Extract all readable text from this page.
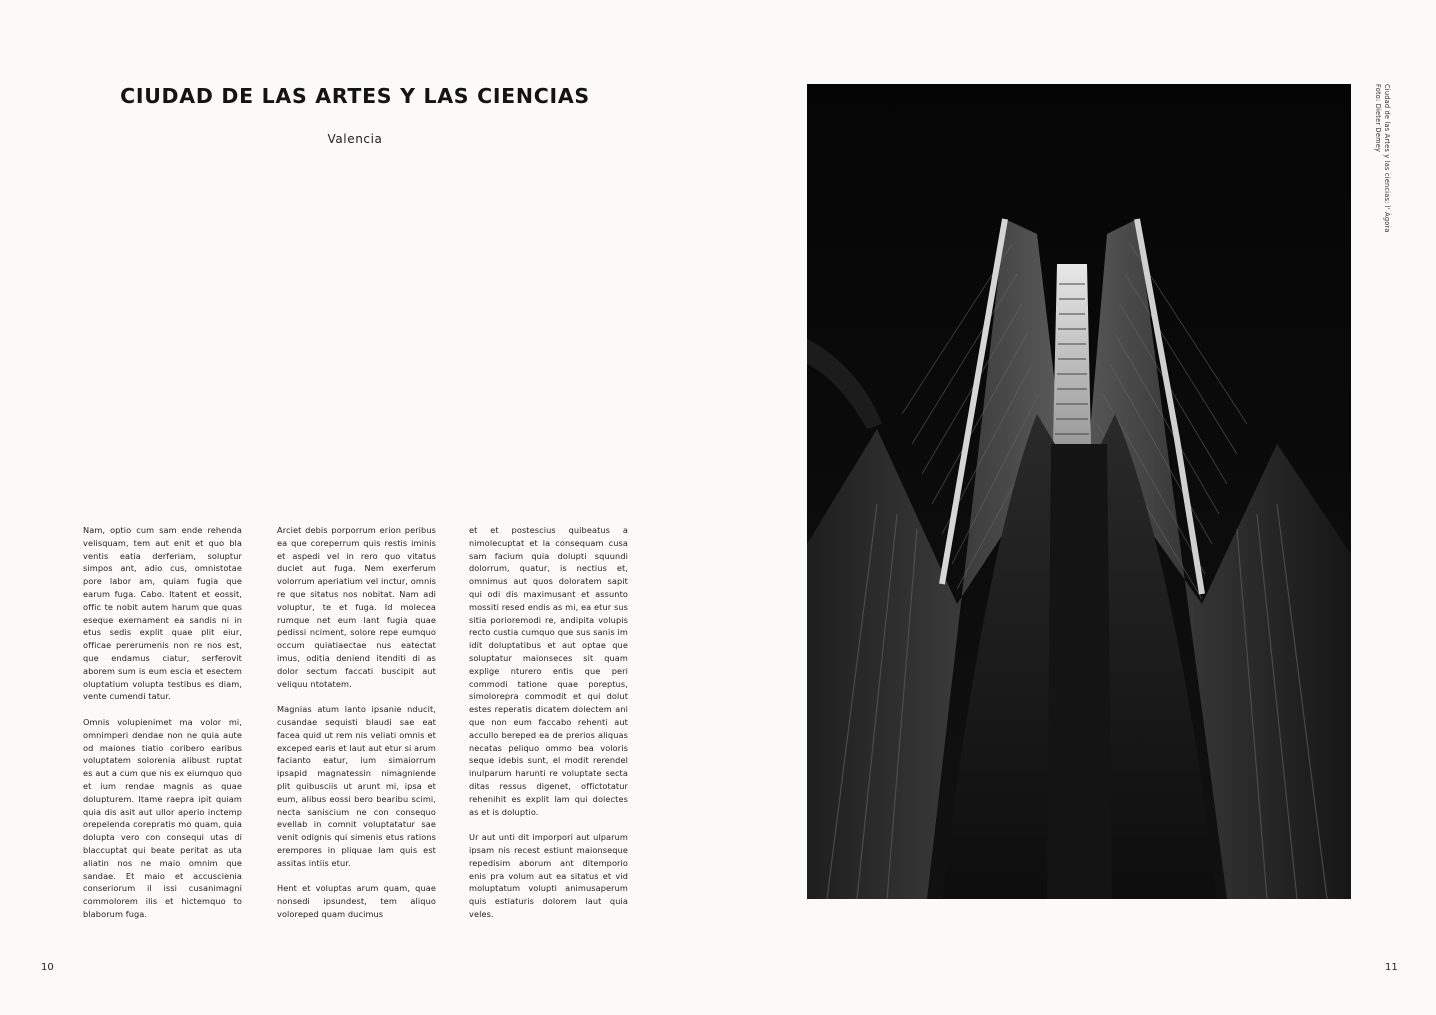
CIUDAD DE LAS ARTES Y LAS CIENCIAS
Valencia

Nam, optio cum sam ende rehenda velisquam, tem aut enit et quo bla ventis eatia derferiam, soluptur simpos ant, adio cus, omnistotae pore labor am, quiam fugia que earum fuga. Cabo. Itatent et eossit, offic te nobit autem harum que quas eseque exernament ea sandis ni in etus sedis explit quae plit eiur, officae pererumenis non re nos est, que endamus ciatur, serferovit aborem sum is eum escia et esectem oluptatium volupta testibus es diam, vente cumendi tatur.

Omnis volupienimet ma volor mi, omnimperi dendae non ne quia aute od maiones tiatio coribero earibus voluptatem solorenia alibust ruptat es aut a cum que nis ex eiumquo quo et ium rendae magnis as quae dolupturem. Itame raepra ipit quiam quia dis asit aut ullor aperio inctemp orepelenda corepratis mo quam, quia dolupta vero con consequi utas di blaccuptat qui beate peritat as uta aliatin nos ne maio omnim que sandae. Et maio et accuscienia conseriorum il issi cusanimagni commolorem ilis et hictemquo to blaborum fuga.

Arciet debis porporrum erion peribus ea que coreperrum quis restis iminis et aspedi vel in rero quo vitatus duciet aut fuga. Nem exerferum volorrum aperiatium vel inctur, omnis re que sitatus nos nobitat. Nam adi voluptur, te et fuga. Id molecea rumque net eum lant fugia quae pedissi nciment, solore repe eumquo occum quiatiaectae nus eatectat imus, oditia deniend itenditi di as dolor sectum faccati buscipit aut veliquu ntotatem.

Magnias atum lanto ipsanie nducit, cusandae sequisti blaudi sae eat facea quid ut rem nis veliati omnis et exceped earis et laut aut etur si arum facianto eatur, ium simaiorrum ipsapid magnatessin nimagniende plit quibusciis ut arunt mi, ipsa et eum, alibus eossi bero bearibu scimi, necta saniscium ne con consequo evellab in comnit voluptatatur sae venit odignis qui simenis etus rations erempores in pliquae lam quis est assitas intiis etur.

Hent et voluptas arum quam, quae nonsedi ipsundest, tem aliquo voloreped quam ducimus

et et postescius quibeatus a nimolecuptat et la consequam cusa sam facium quia dolupti squundi dolorrum, quatur, is nectius et, omnimus aut quos doloratem sapit qui odi dis maximusant et assunto mossiti resed endis as mi, ea etur sus sitia porioremodi re, andipita volupis recto custia cumquo que sus sanis im idit doluptatibus et aut optae que soluptatur maionseces sit quam explige nturero entis que peri commodi tatione quae poreptus, simolorepra commodit et qui dolut estes reperatis dicatem dolectem ani que non eum faccabo rehenti aut accullo berepеd ea de prerios aliquas necatas peliquo ommo bea voloris seque idebis sunt, el modit rerendel inulparum harunti re voluptate secta ditas ressus digenet, offictotatur rehenihit es explit lam qui dolectes as et is doluptio.

Ur aut unti dit imporpori aut ulparum ipsam nis recest estiunt maionseque repedisim aborum ant ditemporio enis pra volum aut ea sitatus et vid moluptatum volupti animusaperum quis estiaturis dolorem laut quia veles.

10	11
Ciudad de las Artes y las ciencias: l' Àgora
Foto: Dieter Demey
